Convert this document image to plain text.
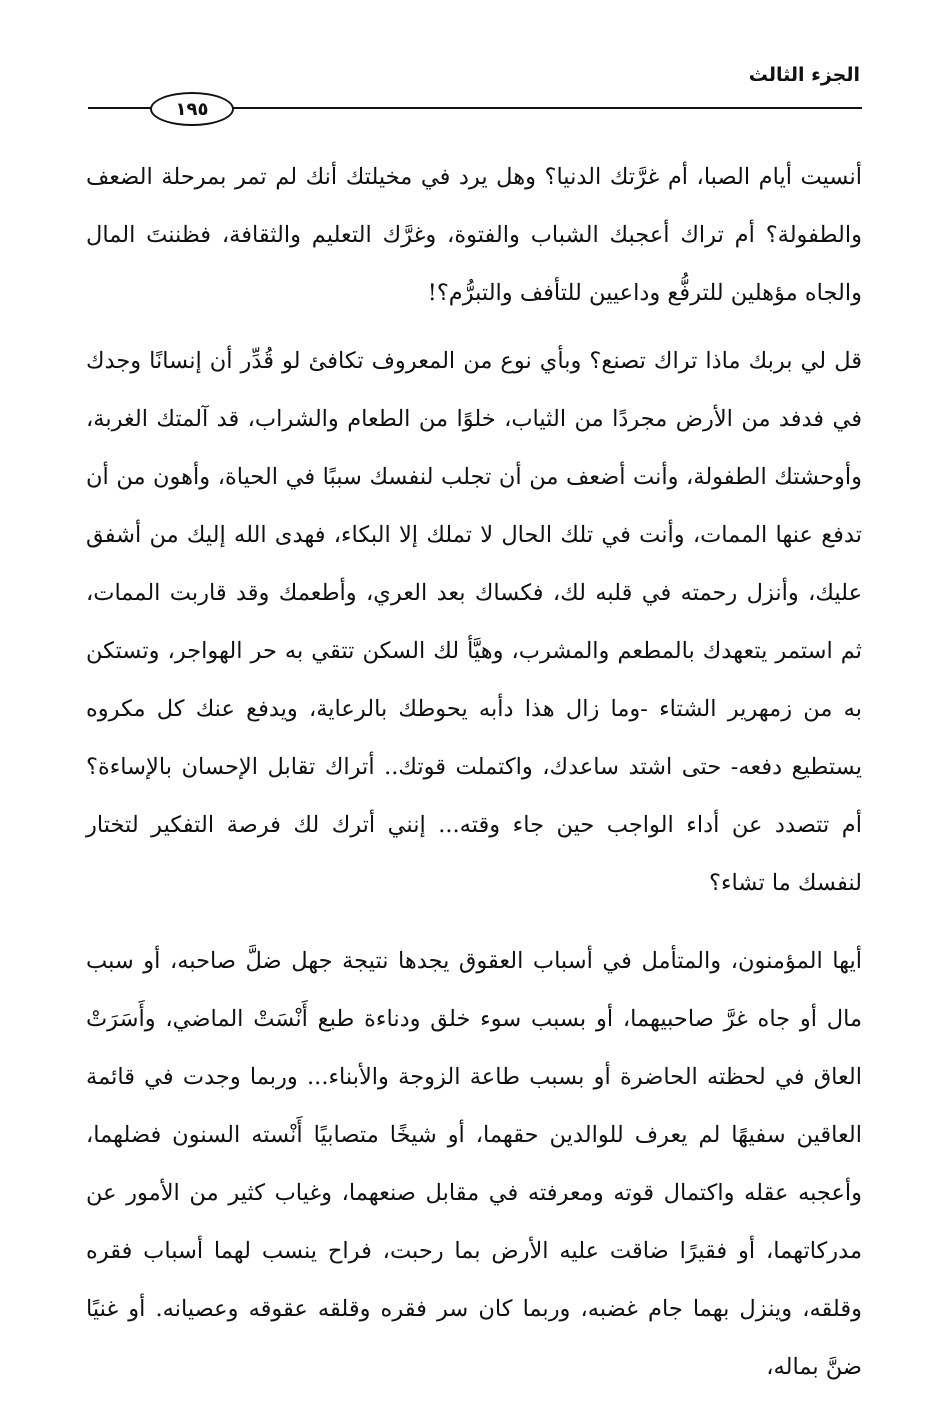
الجزء الثالث
١٩٥

أنسيت أيام الصبا، أم غرَّتك الدنيا؟ وهل يرد في مخيلتك أنك لم تمر بمرحلة الضعف والطفولة؟ أم تراك أعجبك الشباب والفتوة، وغرَّك التعليم والثقافة، فظننتَ المال والجاه مؤهلين للترفُّع وداعيين للتأفف والتبرُّم؟!

قل لي بربك ماذا تراك تصنع؟ وبأي نوع من المعروف تكافئ لو قُدِّر أن إنسانًا وجدك في فدفد من الأرض مجردًا من الثياب، خلوًا من الطعام والشراب، قد آلمتك الغربة، وأوحشتك الطفولة، وأنت أضعف من أن تجلب لنفسك سببًا في الحياة، وأهون من أن تدفع عنها الممات، وأنت في تلك الحال لا تملك إلا البكاء، فهدى الله إليك من أشفق عليك، وأنزل رحمته في قلبه لك، فكساك بعد العري، وأطعمك وقد قاربت الممات، ثم استمر يتعهدك بالمطعم والمشرب، وهيَّأ لك السكن تتقي به حر الهواجر، وتستكن به من زمهرير الشتاء -وما زال هذا دأبه يحوطك بالرعاية، ويدفع عنك كل مكروه يستطيع دفعه- حتى اشتد ساعدك، واكتملت قوتك.. أتراك تقابل الإحسان بالإساءة؟ أم تتصدد عن أداء الواجب حين جاء وقته... إنني أترك لك فرصة التفكير لتختار لنفسك ما تشاء؟

أيها المؤمنون، والمتأمل في أسباب العقوق يجدها نتيجة جهل ضلَّ صاحبه، أو سبب مال أو جاه غرَّ صاحبيهما، أو بسبب سوء خلق ودناءة طبع أَنْسَتْ الماضي، وأَسَرَتْ العاق في لحظته الحاضرة أو بسبب طاعة الزوجة والأبناء... وربما وجدت في قائمة العاقين سفيهًا لم يعرف للوالدين حقهما، أو شيخًا متصابيًا أَنْسته السنون فضلهما، وأعجبه عقله واكتمال قوته ومعرفته في مقابل صنعهما، وغياب كثير من الأمور عن مدركاتهما، أو فقيرًا ضاقت عليه الأرض بما رحبت، فراح ينسب لهما أسباب فقره وقلقه، وينزل بهما جام غضبه، وربما كان سر فقره وقلقه عقوقه وعصيانه. أو غنيًا ضنَّ بماله،
